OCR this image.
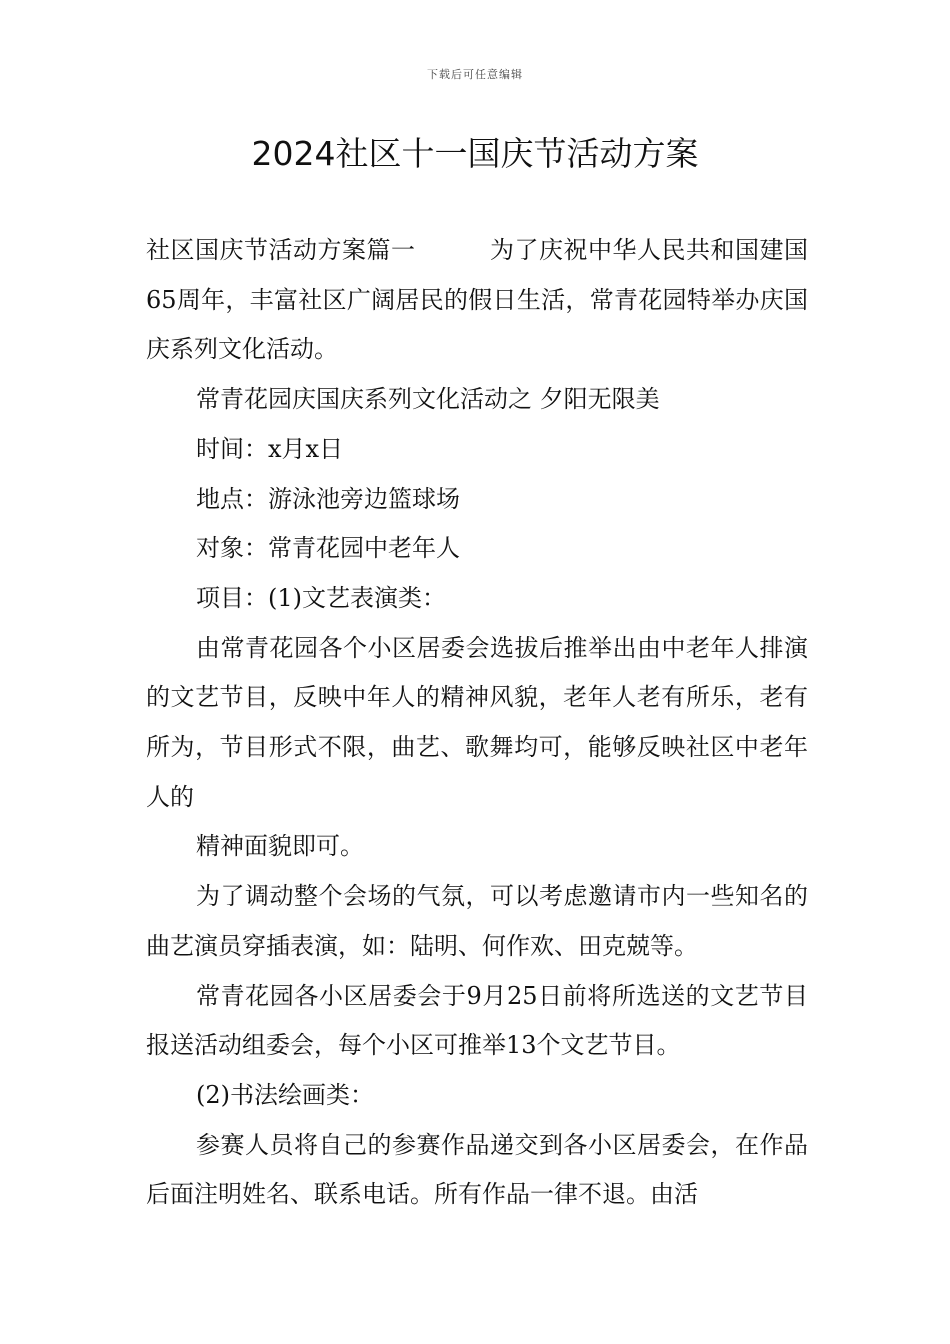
下载后可任意编辑
2024社区十一国庆节活动方案

社区国庆节活动方案篇一	为了庆祝中华人民共和国建国65周年，丰富社区广阔居民的假日生活，常青花园特举办庆国庆系列文化活动。

常青花园庆国庆系列文化活动之 夕阳无限美

时间：x月x日

地点：游泳池旁边篮球场

对象：常青花园中老年人

项目：(1)文艺表演类：

由常青花园各个小区居委会选拔后推举出由中老年人排演的文艺节目，反映中年人的精神风貌，老年人老有所乐，老有所为，节目形式不限，曲艺、歌舞均可，能够反映社区中老年人的

精神面貌即可。

为了调动整个会场的气氛，可以考虑邀请市内一些知名的曲艺演员穿插表演，如：陆明、何作欢、田克兢等。

常青花园各小区居委会于9月25日前将所选送的文艺节目报送活动组委会，每个小区可推举13个文艺节目。

(2)书法绘画类：

参赛人员将自己的参赛作品递交到各小区居委会，在作品后面注明姓名、联系电话。所有作品一律不退。由活
